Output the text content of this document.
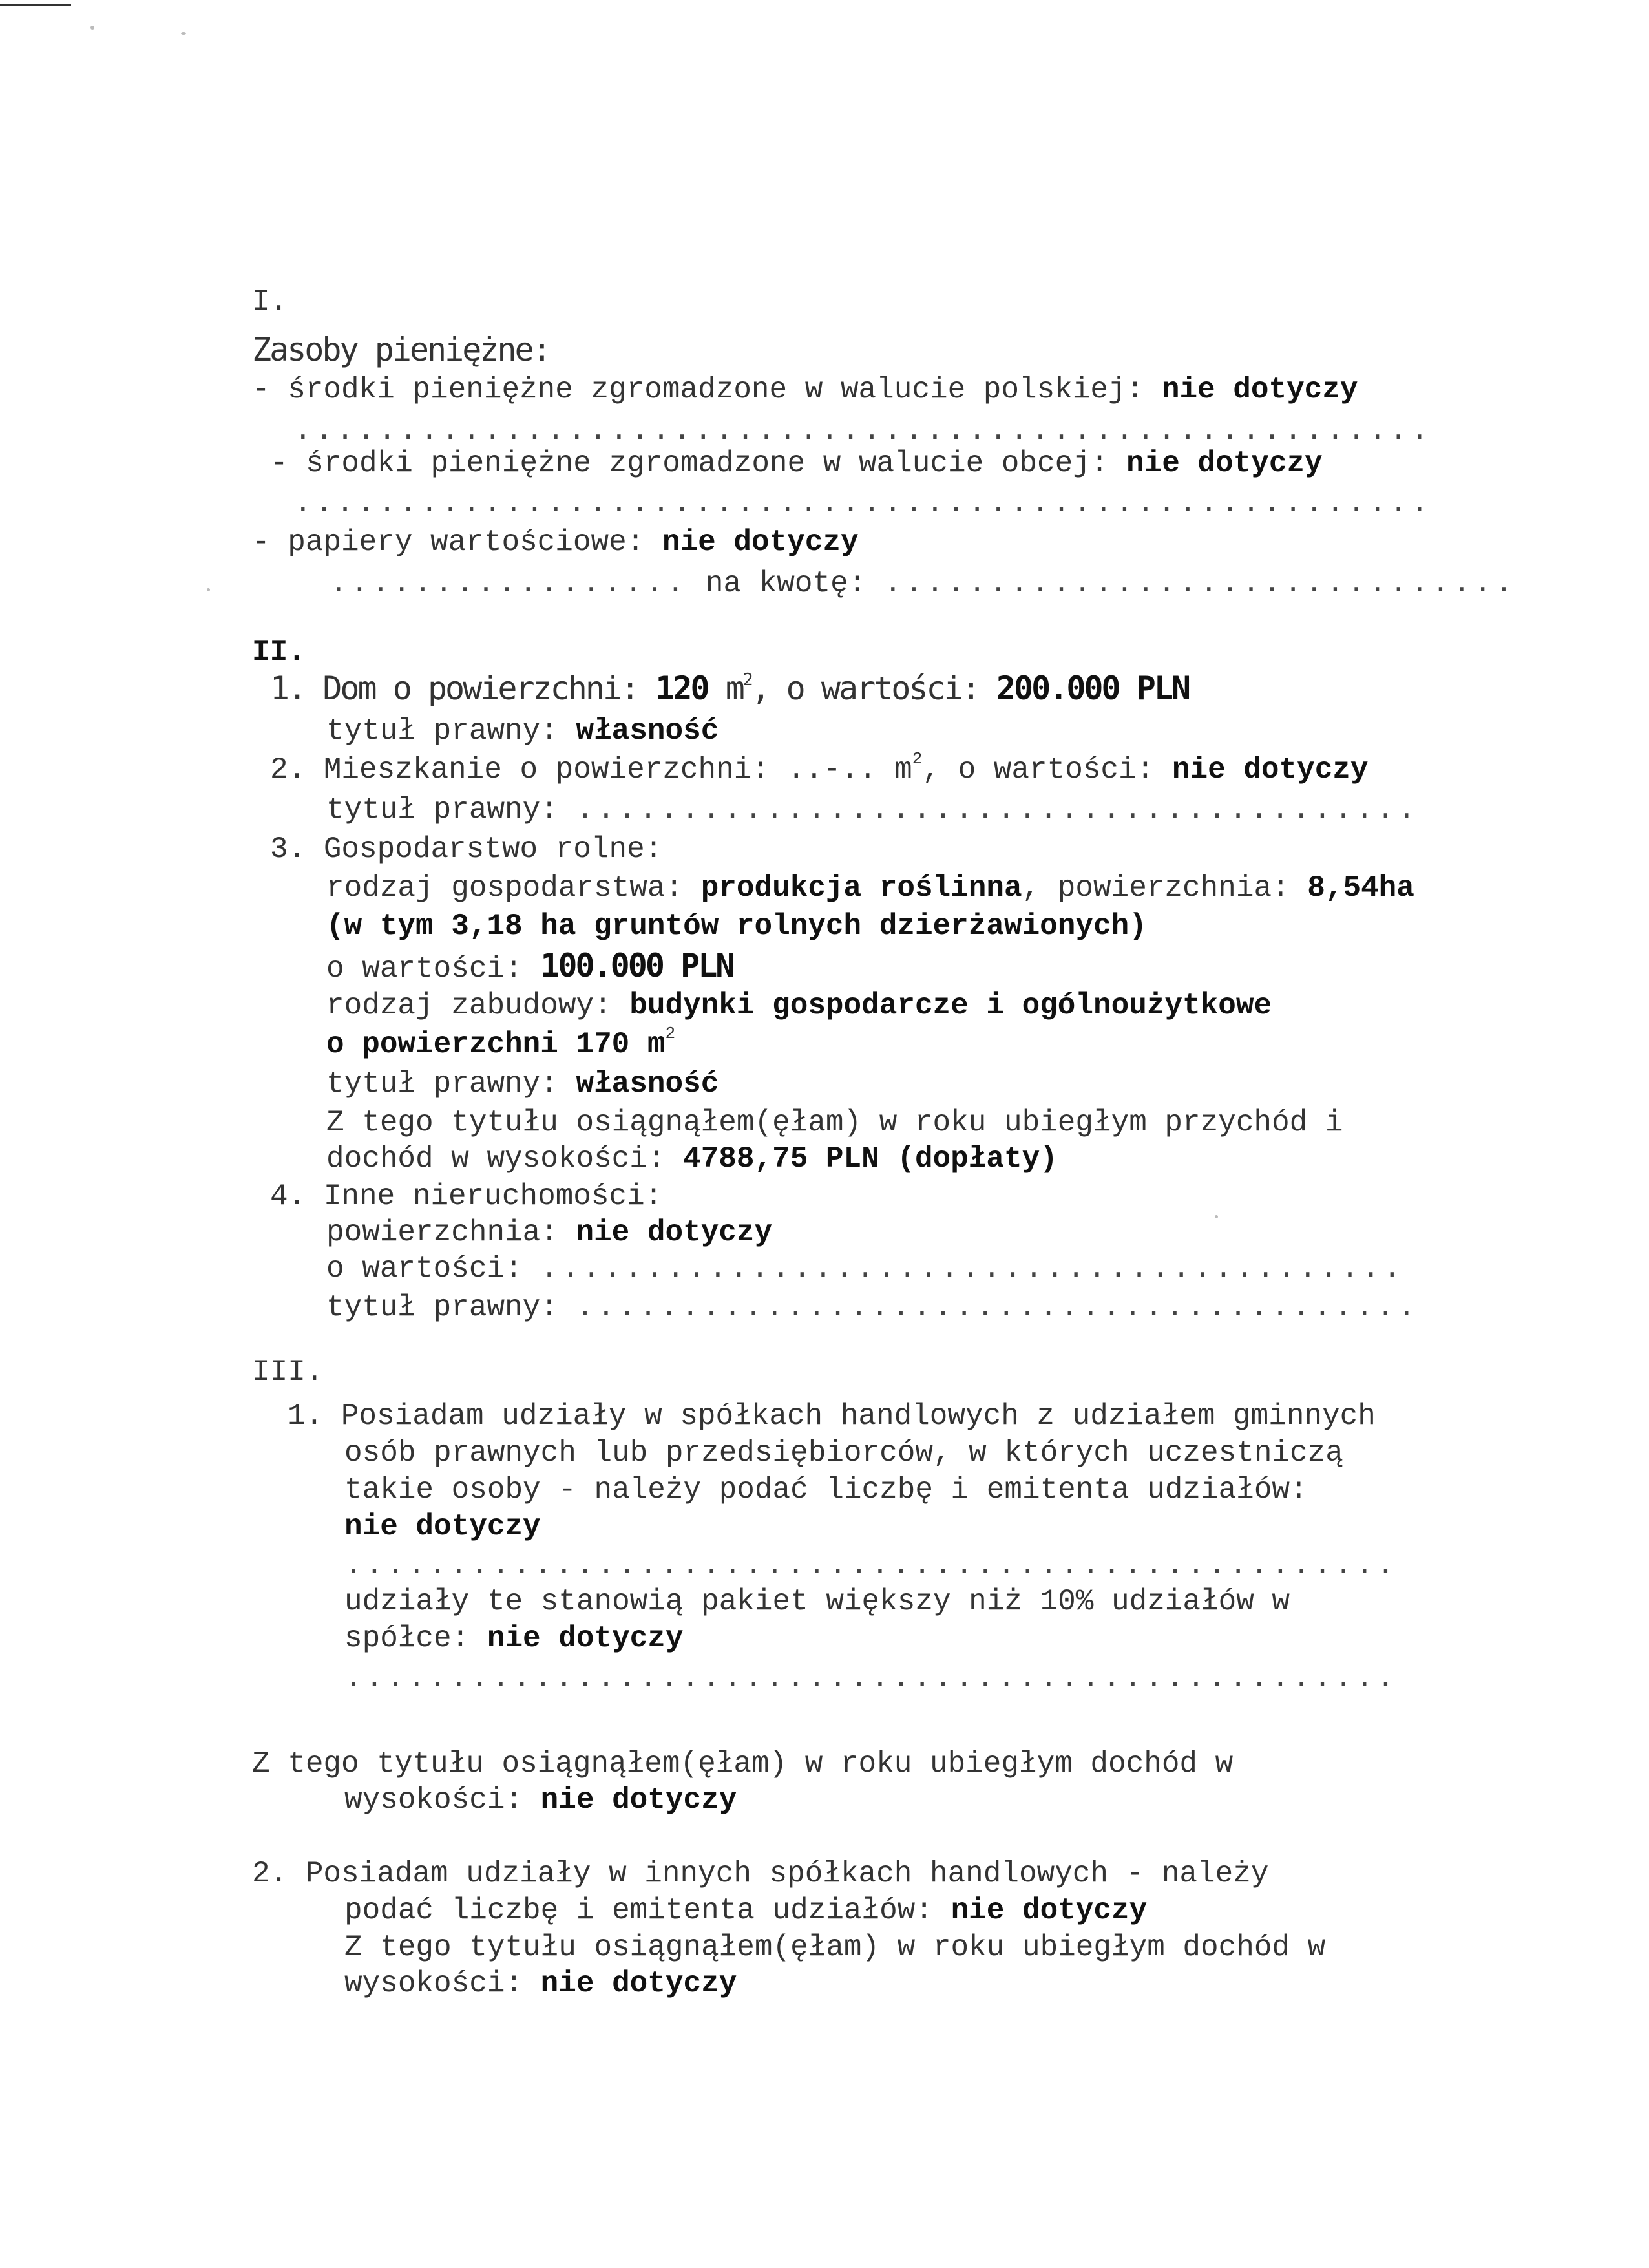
I.
Zasoby pieniężne:
- środki pieniężne zgromadzone w walucie polskiej: nie dotyczy
......................................................
- środki pieniężne zgromadzone w walucie obcej: nie dotyczy
......................................................
- papiery wartościowe: nie dotyczy
................. na kwotę: ..............................
II.
1. Dom o powierzchni: 120 $m^2$, o wartości: 200.000 PLN
tytuł prawny: własność
2. Mieszkanie o powierzchni: ..-.. $m^2$, o wartości: nie dotyczy
tytuł prawny: ........................................
3. Gospodarstwo rolne:
rodzaj gospodarstwa: produkcja roślinna, powierzchnia: 8,54ha
(w tym 3,18 ha gruntów rolnych dzierżawionych)
o wartości: 100.000 PLN
rodzaj zabudowy: budynki gospodarcze i ogólnoużytkowe
o powierzchni 170 $m^2$
tytuł prawny: własność
Z tego tytułu osiągnąłem(ęłam) w roku ubiegłym przychód i
dochód w wysokości: 4788,75 PLN (dopłaty)
4. Inne nieruchomości:
powierzchnia: nie dotyczy
o wartości: .........................................
tytuł prawny: ........................................
III.
1. Posiadam udziały w spółkach handlowych z udziałem gminnych
osób prawnych lub przedsiębiorców, w których uczestniczą
takie osoby - należy podać liczbę i emitenta udziałów:
nie dotyczy
..................................................
udziały te stanowią pakiet większy niż 10% udziałów w
spółce: nie dotyczy
..................................................
Z tego tytułu osiągnąłem(ęłam) w roku ubiegłym dochód w
wysokości: nie dotyczy
2. Posiadam udziały w innych spółkach handlowych - należy
podać liczbę i emitenta udziałów: nie dotyczy
Z tego tytułu osiągnąłem(ęłam) w roku ubiegłym dochód w
wysokości: nie dotyczy
